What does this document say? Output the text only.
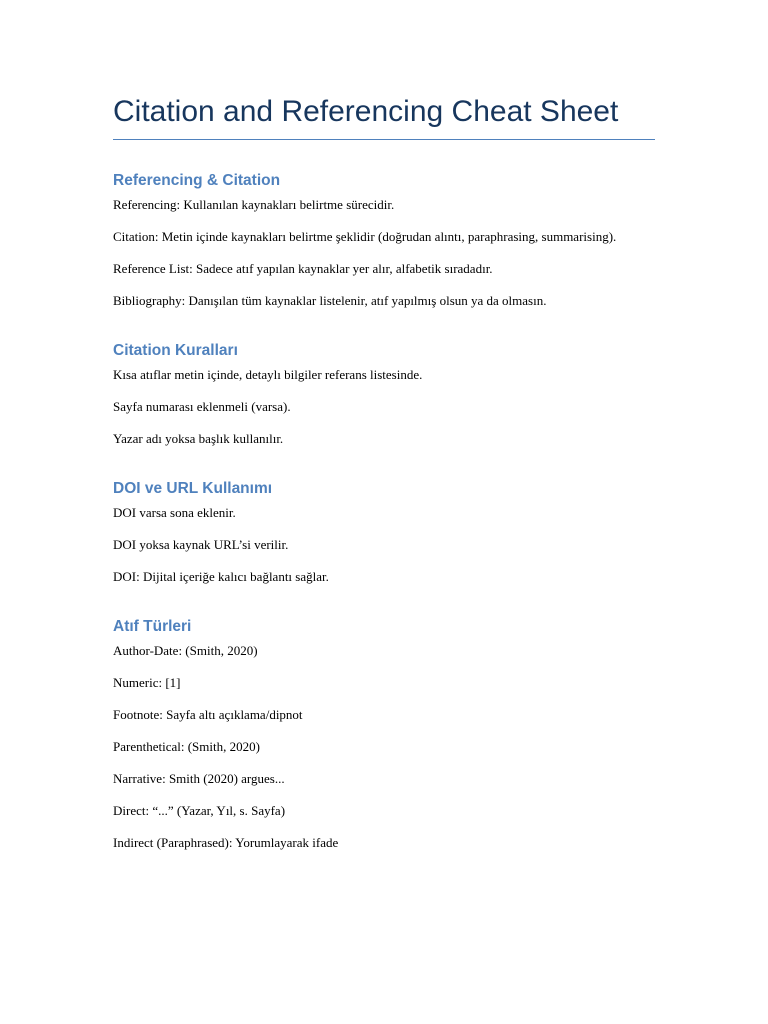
Citation and Referencing Cheat Sheet
Referencing & Citation

Referencing: Kullanılan kaynakları belirtme sürecidir.

Citation: Metin içinde kaynakları belirtme şeklidir (doğrudan alıntı, paraphrasing, summarising).

Reference List: Sadece atıf yapılan kaynaklar yer alır, alfabetik sıradadır.

Bibliography: Danışılan tüm kaynaklar listelenir, atıf yapılmış olsun ya da olmasın.

Citation Kuralları

Kısa atıflar metin içinde, detaylı bilgiler referans listesinde.

Sayfa numarası eklenmeli (varsa).

Yazar adı yoksa başlık kullanılır.

DOI ve URL Kullanımı

DOI varsa sona eklenir.

DOI yoksa kaynak URL’si verilir.

DOI: Dijital içeriğe kalıcı bağlantı sağlar.

Atıf Türleri

Author-Date: (Smith, 2020)

Numeric: [1]

Footnote: Sayfa altı açıklama/dipnot

Parenthetical: (Smith, 2020)

Narrative: Smith (2020) argues...

Direct: “...” (Yazar, Yıl, s. Sayfa)

Indirect (Paraphrased): Yorumlayarak ifade
